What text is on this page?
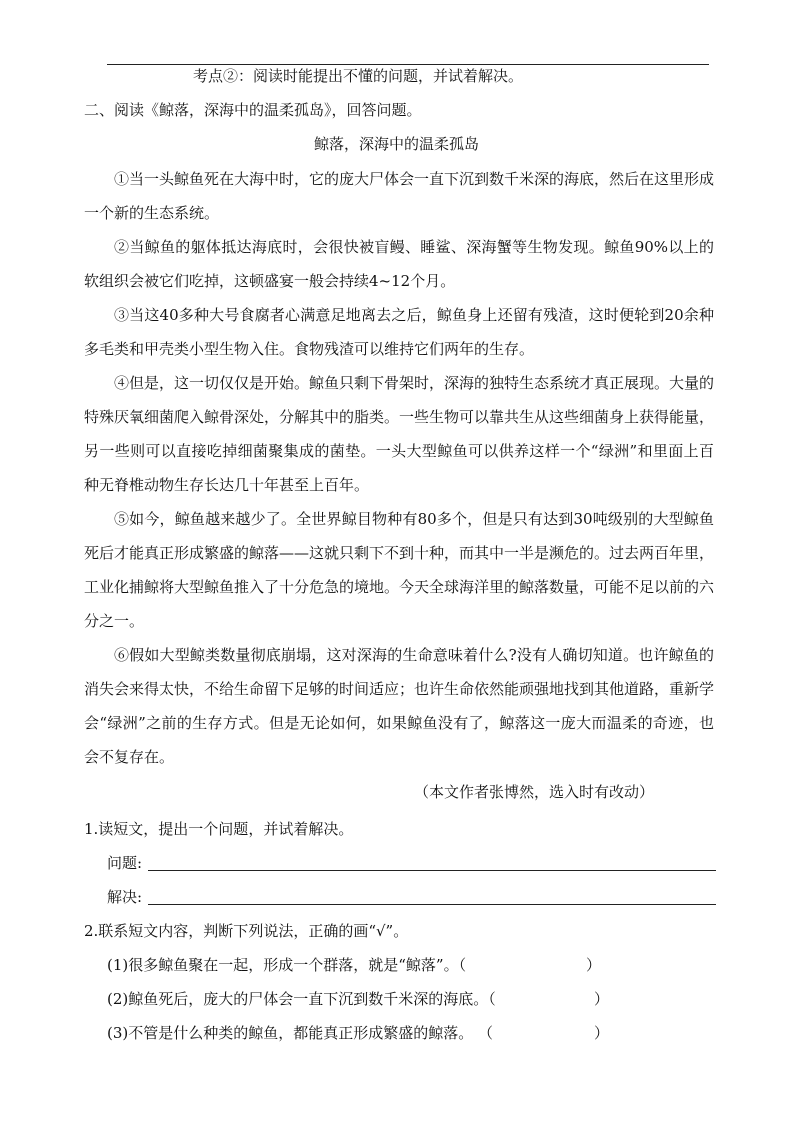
考点②：阅读时能提出不懂的问题，并试着解决。
二、阅读《鲸落，深海中的温柔孤岛》，回答问题。
鲸落，深海中的温柔孤岛

①当一头鲸鱼死在大海中时，它的庞大尸体会一直下沉到数千米深的海底，然后在这里形成一个新的生态系统。

②当鲸鱼的躯体抵达海底时，会很快被盲鳗、睡鲨、深海蟹等生物发现。鲸鱼90%以上的软组织会被它们吃掉，这顿盛宴一般会持续4~12个月。

③当这40多种大号食腐者心满意足地离去之后，鲸鱼身上还留有残渣，这时便轮到20余种多毛类和甲壳类小型生物入住。食物残渣可以维持它们两年的生存。

④但是，这一切仅仅是开始。鲸鱼只剩下骨架时，深海的独特生态系统才真正展现。大量的特殊厌氧细菌爬入鲸骨深处，分解其中的脂类。一些生物可以靠共生从这些细菌身上获得能量，另一些则可以直接吃掉细菌聚集成的菌垫。一头大型鲸鱼可以供养这样一个“绿洲”和里面上百种无脊椎动物生存长达几十年甚至上百年。

⑤如今，鲸鱼越来越少了。全世界鲸目物种有80多个，但是只有达到30吨级别的大型鲸鱼死后才能真正形成繁盛的鲸落——这就只剩下不到十种，而其中一半是濒危的。过去两百年里，工业化捕鲸将大型鲸鱼推入了十分危急的境地。今天全球海洋里的鲸落数量，可能不足以前的六分之一。

⑥假如大型鲸类数量彻底崩塌，这对深海的生命意味着什么?没有人确切知道。也许鲸鱼的消失会来得太快，不给生命留下足够的时间适应；也许生命依然能顽强地找到其他道路，重新学会“绿洲”之前的生存方式。但是无论如何，如果鲸鱼没有了，鲸落这一庞大而温柔的奇迹，也会不复存在。

（本文作者张博然，选入时有改动）
1.读短文，提出一个问题，并试着解决。
问题:
解决:
2.联系短文内容，判断下列说法，正确的画“√”。
(1)很多鲸鱼聚在一起，形成一个群落，就是“鲸落”。（	）
(2)鲸鱼死后，庞大的尸体会一直下沉到数千米深的海底。（	）
(3)不管是什么种类的鲸鱼，都能真正形成繁盛的鲸落。 （	）
